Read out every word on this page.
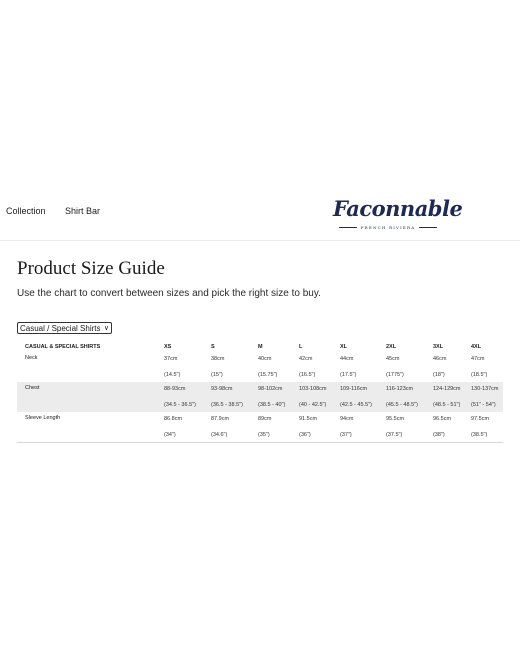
Collection Shirt Bar	Faconnable
FRENCH RIVIERA
Product Size Guide
Use the chart to convert between sizes and pick the right size to buy.
Casual / Special Shirts ∨
CASUAL & SPECIAL SHIRTS	XS	S	M	L	XL	2XL	3XL	4XL
Neck	37cm	38cm	40cm	42cm	44cm	45cm	46cm	47cm
(14.5")	(15")	(15.75")	(16.5")	(17.5")	(1775")	(18")	(18.5")
Chest	88-93cm	93-98cm	98-102cm	103-108cm 109-116cm	116-123cm	124-129cm 130-137cm
(34.5 - 36.5")	(36.5 - 38.5")	(38.5 - 40") (40 - 42.5") (42.5 - 45.5")	(45.5 - 48.5")	(48.5 - 51") (51" - 54")
Sleeve Length	86.8cm	87.9cm	89cm	91.5cm	94cm	95.5cm	96.5cm	97.5cm
(34")	(34.6")	(35")	(36")	(37")	(37.5")	(38")	(38.5")
